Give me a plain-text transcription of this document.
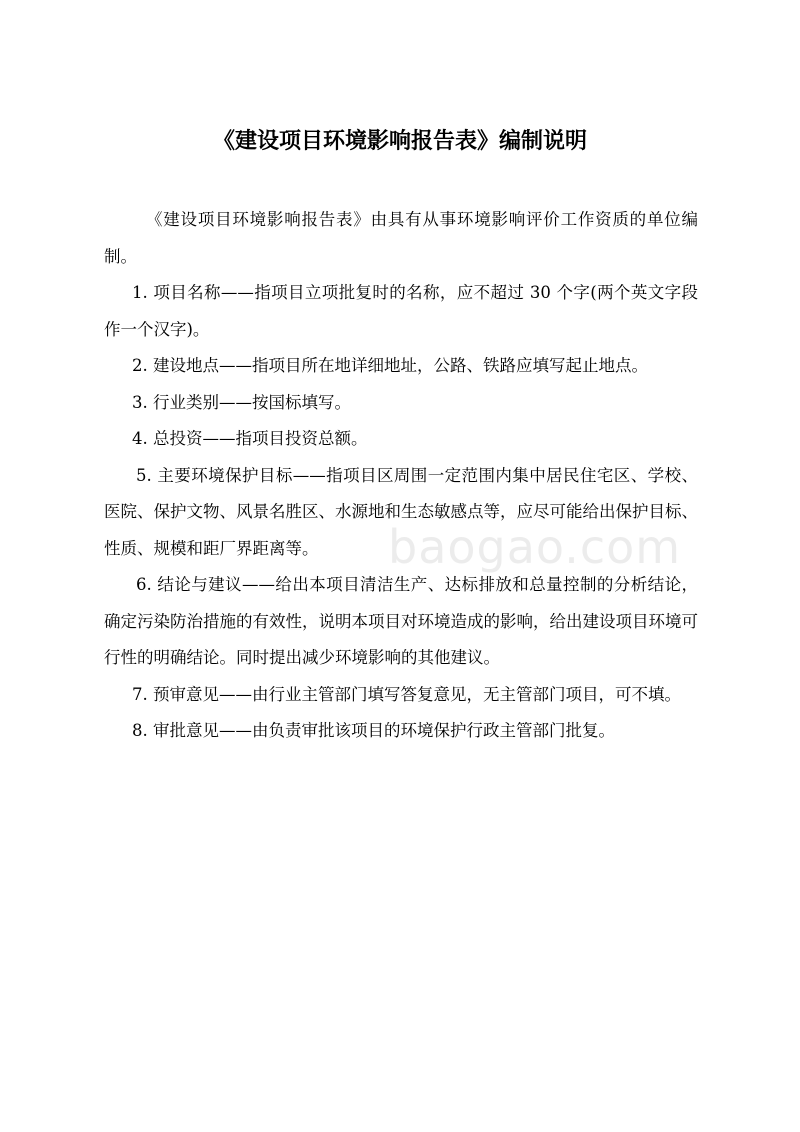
《建设项目环境影响报告表》编制说明

《建设项目环境影响报告表》由具有从事环境影响评价工作资质的单位编制。

1. 项目名称——指项目立项批复时的名称，应不超过 30 个字(两个英文字段作一个汉字)。

2. 建设地点——指项目所在地详细地址，公路、铁路应填写起止地点。

3. 行业类别——按国标填写。

4. 总投资——指项目投资总额。

5. 主要环境保护目标——指项目区周围一定范围内集中居民住宅区、学校、医院、保护文物、风景名胜区、水源地和生态敏感点等，应尽可能给出保护目标、性质、规模和距厂界距离等。

6. 结论与建议——给出本项目清洁生产、达标排放和总量控制的分析结论，确定污染防治措施的有效性，说明本项目对环境造成的影响，给出建设项目环境可行性的明确结论。同时提出减少环境影响的其他建议。

7. 预审意见——由行业主管部门填写答复意见，无主管部门项目，可不填。

8. 审批意见——由负责审批该项目的环境保护行政主管部门批复。

baogao.com
